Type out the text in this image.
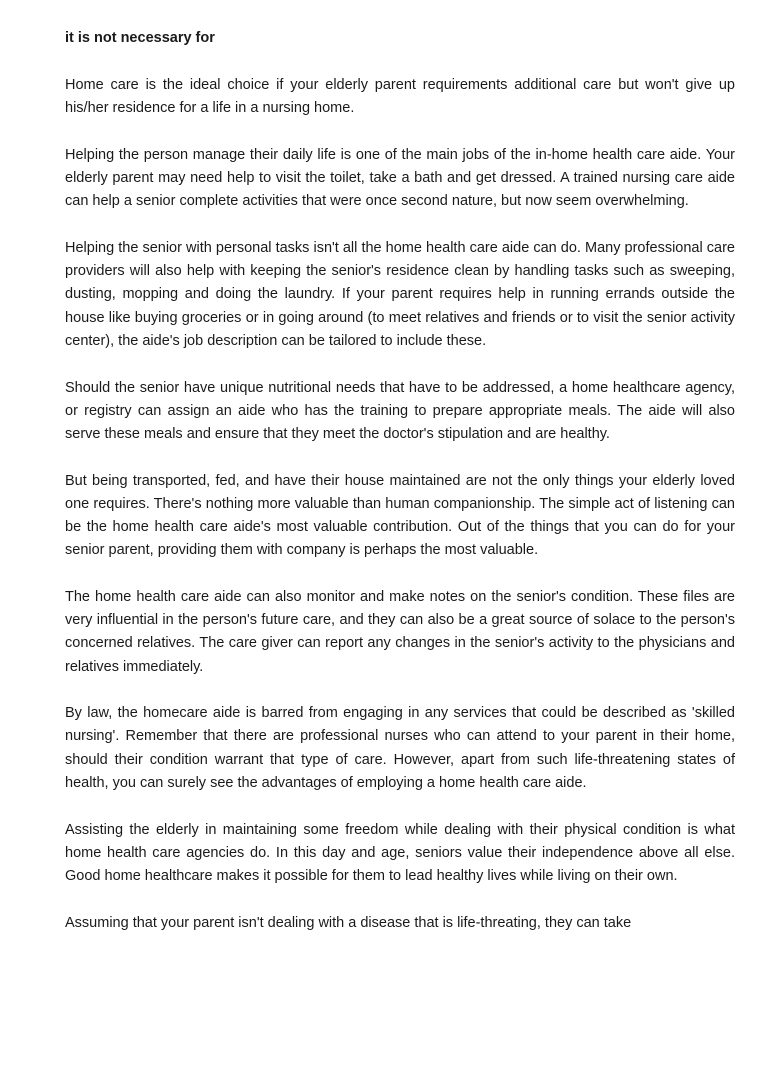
it is not necessary for

Home care is the ideal choice if your elderly parent requirements additional care but won't give up his/her residence for a life in a nursing home.

Helping the person manage their daily life is one of the main jobs of the in-home health care aide. Your elderly parent may need help to visit the toilet, take a bath and get dressed. A trained nursing care aide can help a senior complete activities that were once second nature, but now seem overwhelming.

Helping the senior with personal tasks isn't all the home health care aide can do. Many professional care providers will also help with keeping the senior's residence clean by handling tasks such as sweeping, dusting, mopping and doing the laundry. If your parent requires help in running errands outside the house like buying groceries or in going around (to meet relatives and friends or to visit the senior activity center), the aide's job description can be tailored to include these.

Should the senior have unique nutritional needs that have to be addressed, a home healthcare agency, or registry can assign an aide who has the training to prepare appropriate meals. The aide will also serve these meals and ensure that they meet the doctor's stipulation and are healthy.

But being transported, fed, and have their house maintained are not the only things your elderly loved one requires. There's nothing more valuable than human companionship. The simple act of listening can be the home health care aide's most valuable contribution. Out of the things that you can do for your senior parent, providing them with company is perhaps the most valuable.

The home health care aide can also monitor and make notes on the senior's condition. These files are very influential in the person's future care, and they can also be a great source of solace to the person's concerned relatives. The care giver can report any changes in the senior's activity to the physicians and relatives immediately.

By law, the homecare aide is barred from engaging in any services that could be described as 'skilled nursing'. Remember that there are professional nurses who can attend to your parent in their home, should their condition warrant that type of care. However, apart from such life-threatening states of health, you can surely see the advantages of employing a home health care aide.

Assisting the elderly in maintaining some freedom while dealing with their physical condition is what home health care agencies do. In this day and age, seniors value their independence above all else. Good home healthcare makes it possible for them to lead healthy lives while living on their own.

Assuming that your parent isn't dealing with a disease that is life-threating, they can take
